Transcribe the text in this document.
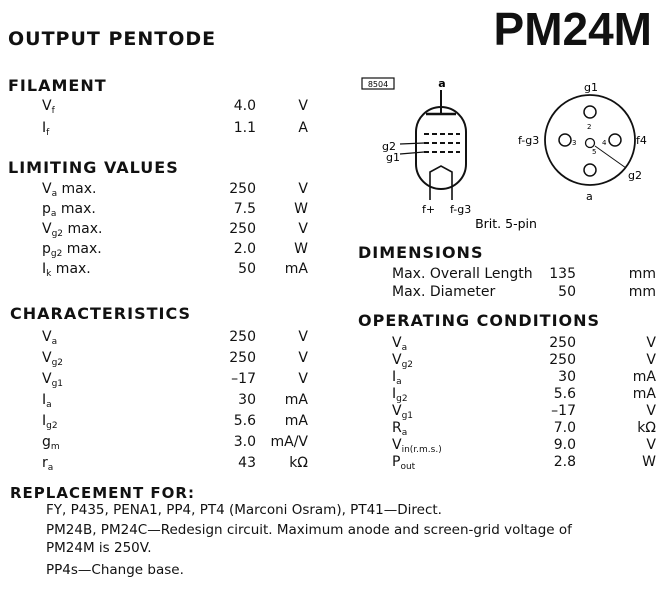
OUTPUT PENTODE	PM24M
FILAMENT
$V_f$	4.0	V
$I_f$	1.1	A
LIMITING VALUES
$V_a$ max.	250	V
$p_a$ max.	7.5	W
$V_{g2}$ max.	250	V
$p_{g2}$ max.	2.0	W
$I_k$ max.	50 mA
CHARACTERISTICS
$V_a$	250	V
$V_{g2}$	250	V
$V_{g1}$	–17	V
$I_a$	30 mA
$I_{g2}$	5.6 mA
$g_m$	3.0 mA/V
$r_a$	43 kΩ
8504	a
g2
g1
f+ f-g3
g1
f-g3	f4
g2
a
3	4
2
5
Brit. 5-pin
DIMENSIONS
Max. Overall Length 135	mm
Max. Diameter	50	mm
OPERATING CONDITIONS
$V_a$	250	V
$V_{g2}$	250	V
$I_a$	30	mA
$I_{g2}$	5.6	mA
$V_{g1}$	–17	V
$R_a$	7.0	kΩ
$V_{in(r.m.s.)}$	9.0	V
$P_{out}$	2.8	W
REPLACEMENT FOR:
FY, P435, PENA1, PP4, PT4 (Marconi Osram), PT41—Direct.
PM24B, PM24C—Redesign circuit. Maximum anode and screen-grid voltage of
PM24M is 250V.
PP4s—Change base.
